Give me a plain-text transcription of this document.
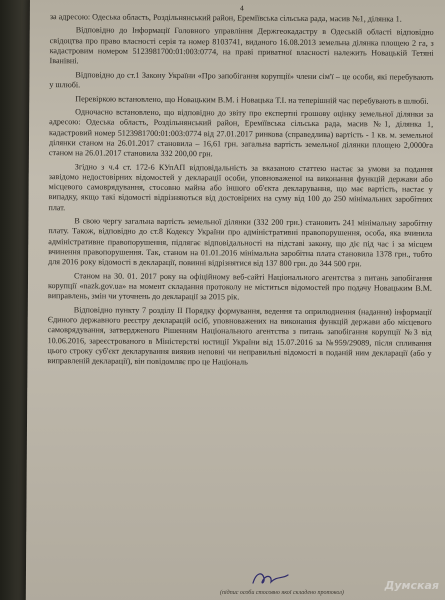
4

за адресою: Одеська область, Роздільнянський район, Еремїївська сільська рада, масив №1, ділянка 1.

Відповідно до Інформації Головного управління Держгеокадастру в Одеській області відповідно свідоцтва про право власності серія та номер 8103741, виданого 16.08.2013 земельна ділянка площею 2 га, з кадастровим номером 5123981700:01:003:0774, на праві приватної власності належить Новацькій Тетяні Іванівні.

Відповідно до ст.1 Закону України «Про запобігання корупції» члени сім'ї – це особи, які перебувають у шлюбі.

Перевіркою встановлено, що Новацьким В.М. і Новацька Т.І. на теперішній час перебувають в шлюбі.

Одночасно встановлено, що відповідно до звіту про експертні грошову оцінку земельної ділянки за адресою: Одеська область, Роздільнянський район, Еремїївська сільська рада, масив №1, ділянка 1, кадастровий номер 5123981700:01:003:0774 від 27.01.2017 ринкова (справедлива) вартість - 1 кв. м. земельної ділянки станом на 26.01.2017 становила – 16,61 грн. загальна вартість земельної ділянки площею 2,0000га станом на 26.01.2017 становила 332 200,00 грн.

Згідно з ч.4 ст. 172-6 КУпАП відповідальність за вказаною статтею настає за умови за подання завідомо недостовірних відомостей у декларації особи, уповноваженої на виконання функцій держави або місцевого самоврядування, стосовно майна або іншого об'єкта декларування, що має вартість, настає у випадку, якщо такі відомості відрізняються від достовірних на суму від 100 до 250 мінімальних заробітних плат.

В свою чергу загальна вартість земельної ділянки (332 200 грн.) становить 241 мінімальну заробітну плату. Також, відповідно до ст.8 Кодексу України про адміністративні правопорушення, особа, яка вчинила адміністративне правопорушення, підлягає відповідальності на підставі закону, що діє під час і за місцем вчинення правопорушення. Так, станом на 01.01.2016 мінімальна заробітна плата становила 1378 грн., тобто для 2016 року відомості в декларації, повинні відрізнятися від 137 800 грн. до 344 500 грн.

Станом на 30. 01. 2017 року на офіційному веб-сайті Національного агентства з питань запобігання корупції «nazk.gov.ua» на момент складання протоколу не міститься відомостей про подачу Новацьким В.М. виправлень, змін чи уточнень до декларації за 2015 рік.

Відповідно пункту 7 розділу ІІ Порядку формування, ведення та оприлюднення (надання) інформації Єдиного державного реєстру декларацій осіб, уповноважених на виконання функцій держави або місцевого самоврядування, затвердженого Рішенням Національного агентства з питань запобігання корупції №3 від 10.06.2016, зареєстрованого в Міністерстві юстиції України від 15.07.2016 за №959/29089, після спливання цього строку суб'єкт декларування виявив неповні чи неправильні відомості в поданій ним декларації (або у виправленій декларації), він повідомляє про це Національ

(підпис особи стосовно якої складено протокол)
Думская
